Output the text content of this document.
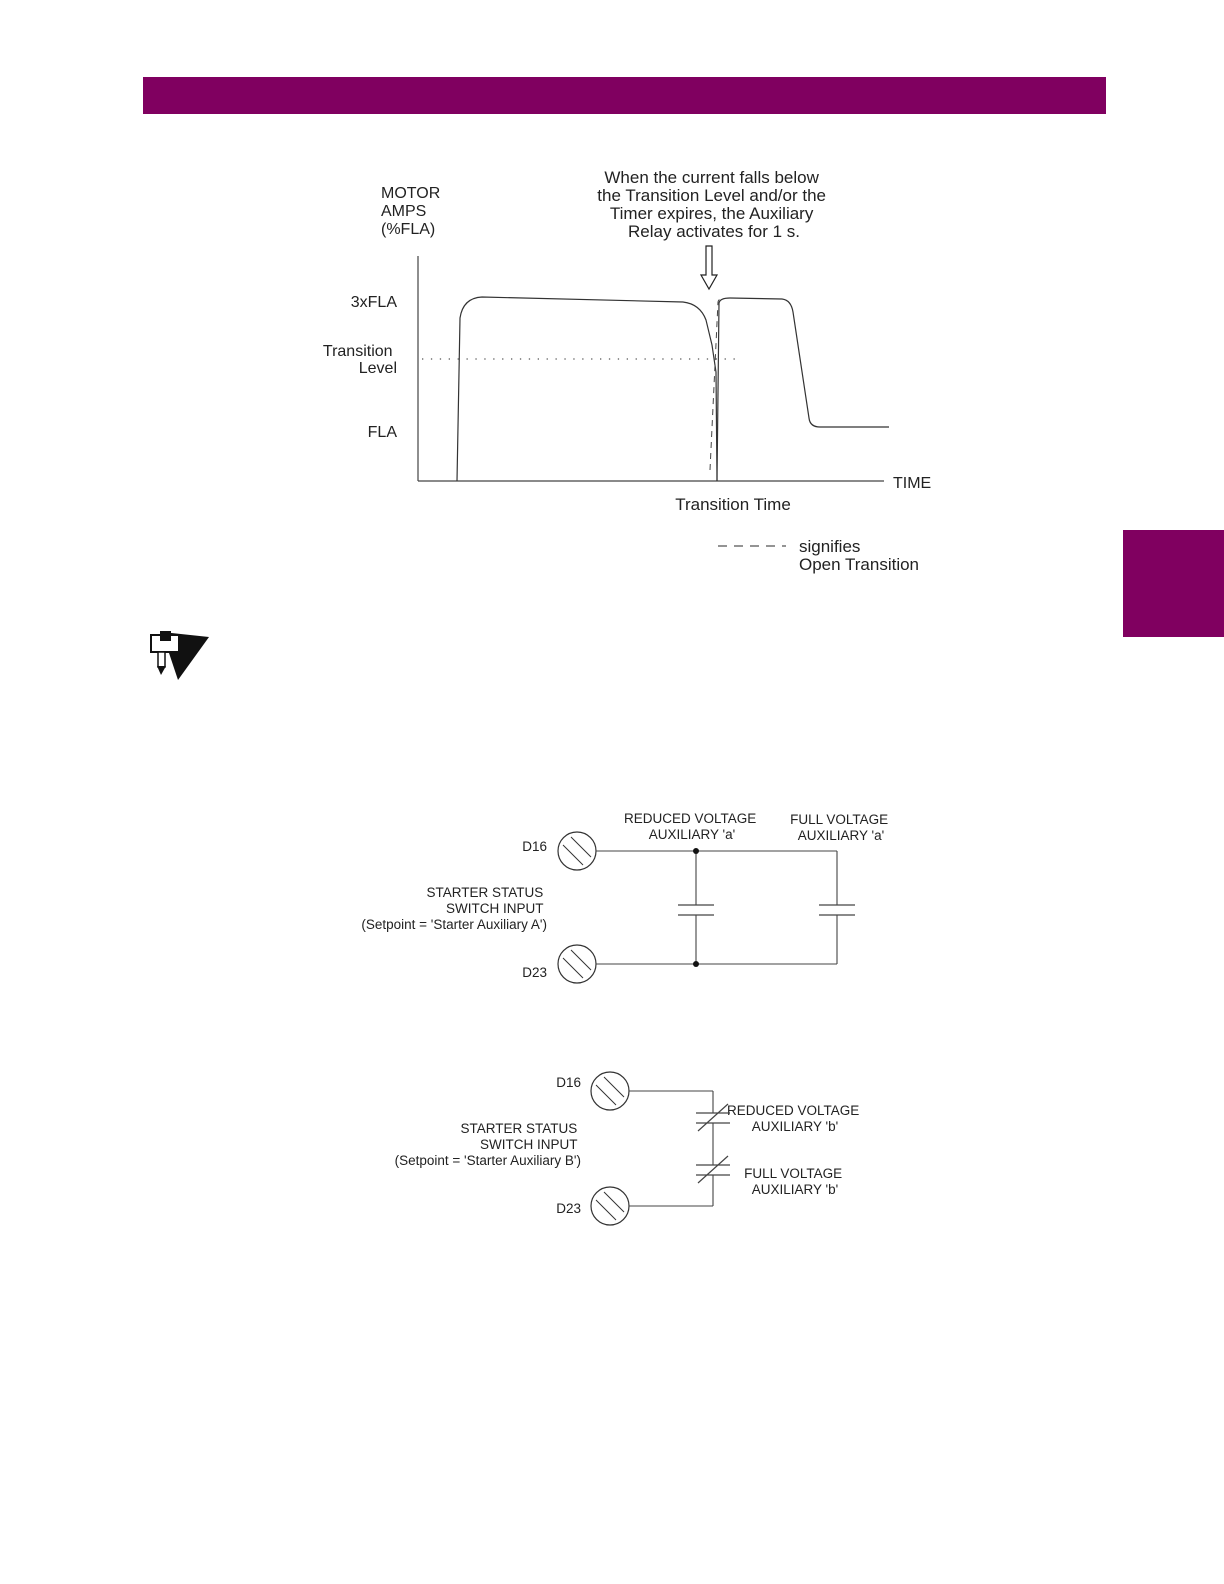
MOTOR AMPS (%FLA)
When the current falls below the Transition Level and/or the Timer expires, the Auxiliary Relay activates for 1 s.
3xFLA
Transition Level
FLA
TIME
Transition Time
signifies Open Transition
REDUCED VOLTAGE AUXILIARY 'a'
FULL VOLTAGE AUXILIARY 'a'
D16
D23
STARTER STATUS SWITCH INPUT (Setpoint = 'Starter Auxiliary A')
D16
D23
STARTER STATUS SWITCH INPUT (Setpoint = 'Starter Auxiliary B')
REDUCED VOLTAGE AUXILIARY 'b'
FULL VOLTAGE AUXILIARY 'b'
